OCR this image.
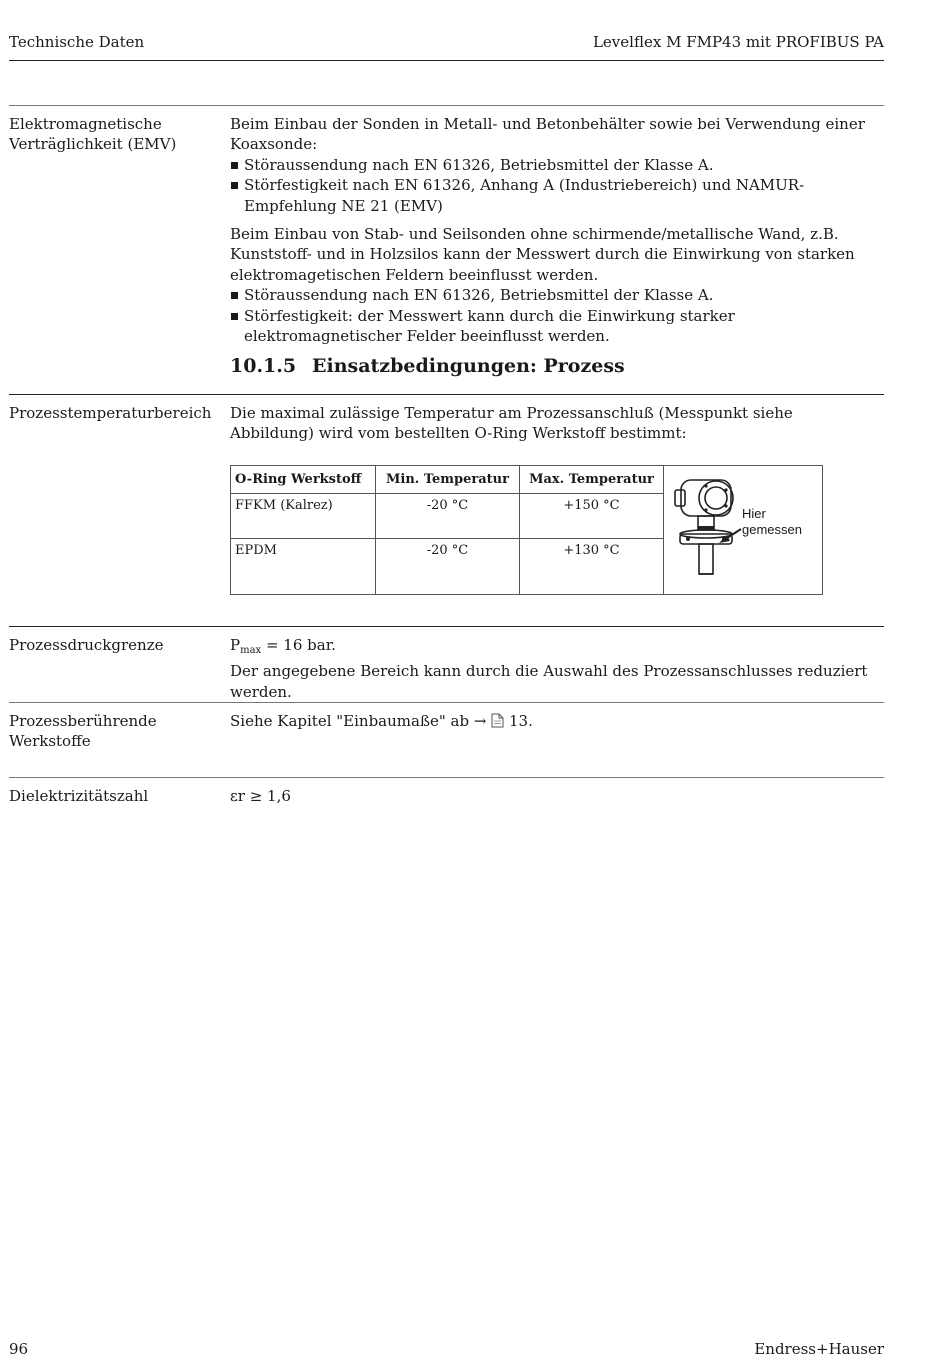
Technische Daten	Levelflex M FMP43 mit PROFIBUS PA
Elektromagnetische
Verträglichkeit (EMV)

Beim Einbau der Sonden in Metall- und Betonbehälter sowie bei Verwendung einer Koaxsonde:

Störaussendung nach EN 61326, Betriebsmittel der Klasse A.
Störfestigkeit nach EN 61326, Anhang A (Industriebereich) und NAMUR-Empfehlung NE 21 (EMV)

Beim Einbau von Stab- und Seilsonden ohne schirmende/metallische Wand, z.B. Kunststoff- und in Holzsilos kann der Messwert durch die Einwirkung von starken elektromagetischen Feldern beeinflusst werden.

Störaussendung nach EN 61326, Betriebsmittel der Klasse A.
Störfestigkeit: der Messwert kann durch die Einwirkung starker elektromagnetischer Felder beeinflusst werden.
10.1.5 Einsatzbedingungen: Prozess
Prozesstemperaturbereich Die maximal zulässige Temperatur am Prozessanschluß (Messpunkt siehe Abbildung) wird vom bestellten O-Ring Werkstoff bestimmt:
O-Ring Werkstoff	Min. Temperatur	Max. Temperatur	Hier
gemessen

FFKM (Kalrez)	-20 °C	+150 °C	
EPDM	-20 °C	+130 °C	
Prozessdruckgrenze	$P_{max} = 16$ bar.
Der angegebene Bereich kann durch die Auswahl des Prozessanschlusses reduziert werden.
Prozessberührende
Werkstoffe
Siehe Kapitel "Einbaumaße" ab → 13.
Dielektrizitätszahl	εr ≥ 1,6
96	Endress+Hauser
